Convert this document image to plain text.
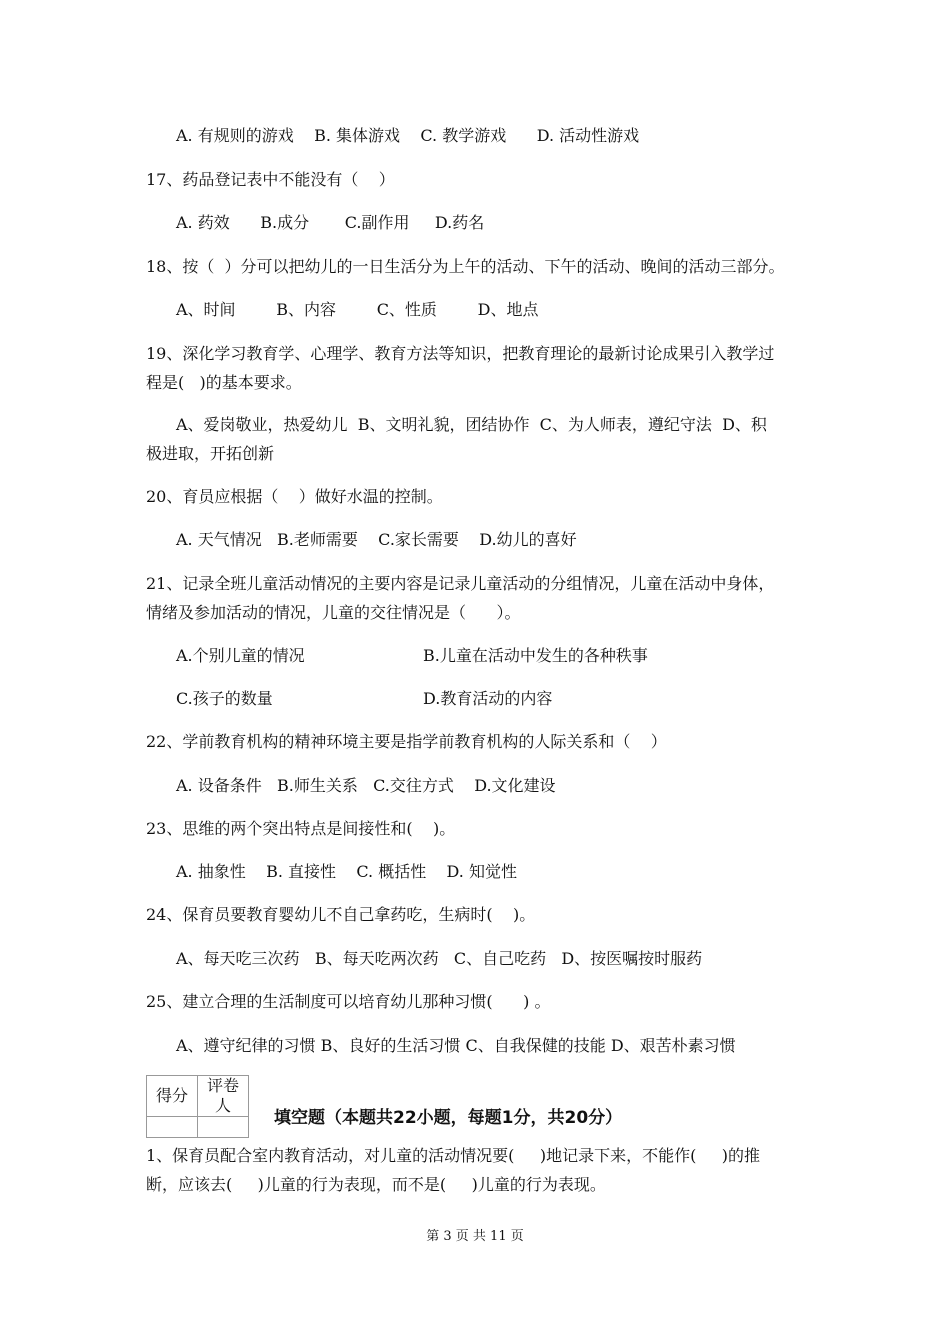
A. 有规则的游戏    B. 集体游戏    C. 教学游戏      D. 活动性游戏
17、药品登记表中不能没有（    ）
A. 药效      B.成分       C.副作用     D.药名
18、按（  ）分可以把幼儿的一日生活分为上午的活动、下午的活动、晚间的活动三部分。
A、时间        B、内容        C、性质        D、地点
19、深化学习教育学、心理学、教育方法等知识，把教育理论的最新讨论成果引入教学过
程是(   )的基本要求。
A、爱岗敬业，热爱幼儿  B、文明礼貌，团结协作  C、为人师表，遵纪守法  D、积
极进取，开拓创新
20、育员应根据（    ）做好水温的控制。
A. 天气情况   B.老师需要    C.家长需要    D.幼儿的喜好
21、记录全班儿童活动情况的主要内容是记录儿童活动的分组情况，儿童在活动中身体，
情绪及参加活动的情况，儿童的交往情况是（      ）。
A.个别儿童的情况	B.儿童在活动中发生的各种秩事
C.孩子的数量	D.教育活动的内容
22、学前教育机构的精神环境主要是指学前教育机构的人际关系和（    ）
A. 设备条件   B.师生关系   C.交往方式    D.文化建设
23、思维的两个突出特点是间接性和(    )。
A. 抽象性    B. 直接性    C. 概括性    D. 知觉性
24、保育员要教育婴幼儿不自己拿药吃，生病时(    )。
A、每天吃三次药   B、每天吃两次药   C、自己吃药   D、按医嘱按时服药
25、建立合理的生活制度可以培育幼儿那种习惯(      ) 。
A、遵守纪律的习惯 B、良好的生活习惯 C、自我保健的技能 D、艰苦朴素习惯
得分	评卷人

填空题（本题共22小题，每题1分，共20分）
1、保育员配合室内教育活动，对儿童的活动情况要(     )地记录下来，不能作(     )的推
断，应该去(     )儿童的行为表现，而不是(     )儿童的行为表现。
第 3 页 共 11 页
